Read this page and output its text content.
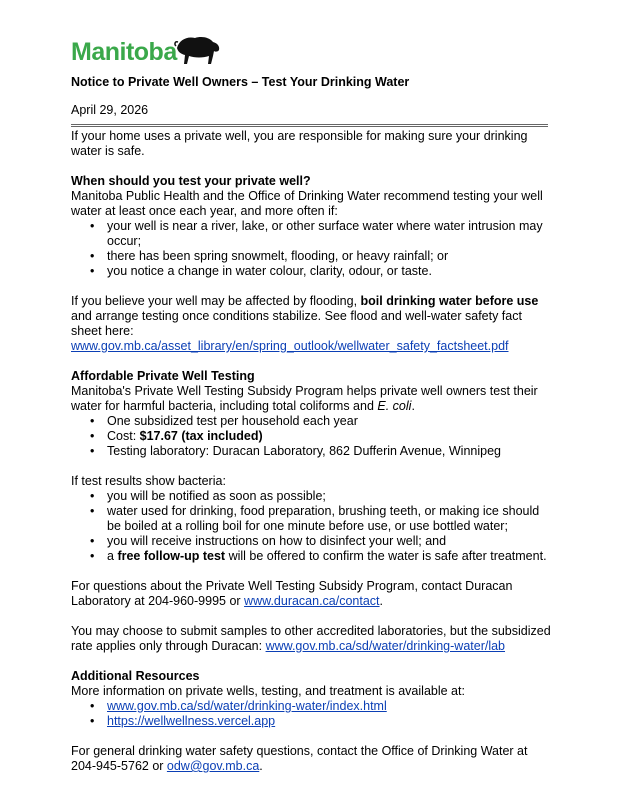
Manitoba
Notice to Private Well Owners – Test Your Drinking Water
April 29, 2026

If your home uses a private well, you are responsible for making sure your drinking water is safe.

When should you test your private well?

Manitoba Public Health and the Office of Drinking Water recommend testing your well water at least once each year, and more often if:

• your well is near a river, lake, or other surface water where water intrusion may occur;
• there has been spring snowmelt, flooding, or heavy rainfall; or
• you notice a change in water colour, clarity, odour, or taste.

If you believe your well may be affected by flooding, boil drinking water before use and arrange testing once conditions stabilize. See flood and well-water safety fact sheet here: www.gov.mb.ca/asset_library/en/spring_outlook/wellwater_safety_factsheet.pdf

Affordable Private Well Testing

Manitoba's Private Well Testing Subsidy Program helps private well owners test their water for harmful bacteria, including total coliforms and E. coli.

• One subsidized test per household each year
• Cost: $17.67 (tax included)
• Testing laboratory: Duracan Laboratory, 862 Dufferin Avenue, Winnipeg

If test results show bacteria:

• you will be notified as soon as possible;
• water used for drinking, food preparation, brushing teeth, or making ice should be boiled at a rolling boil for one minute before use, or use bottled water;
• you will receive instructions on how to disinfect your well; and
• a free follow-up test will be offered to confirm the water is safe after treatment.

For questions about the Private Well Testing Subsidy Program, contact Duracan Laboratory at 204-960-9995 or www.duracan.ca/contact.

You may choose to submit samples to other accredited laboratories, but the subsidized rate applies only through Duracan: www.gov.mb.ca/sd/water/drinking-water/lab

Additional Resources

More information on private wells, testing, and treatment is available at:

• www.gov.mb.ca/sd/water/drinking-water/index.html
• https://wellwellness.vercel.app

For general drinking water safety questions, contact the Office of Drinking Water at 204-945-5762 or odw@gov.mb.ca.
